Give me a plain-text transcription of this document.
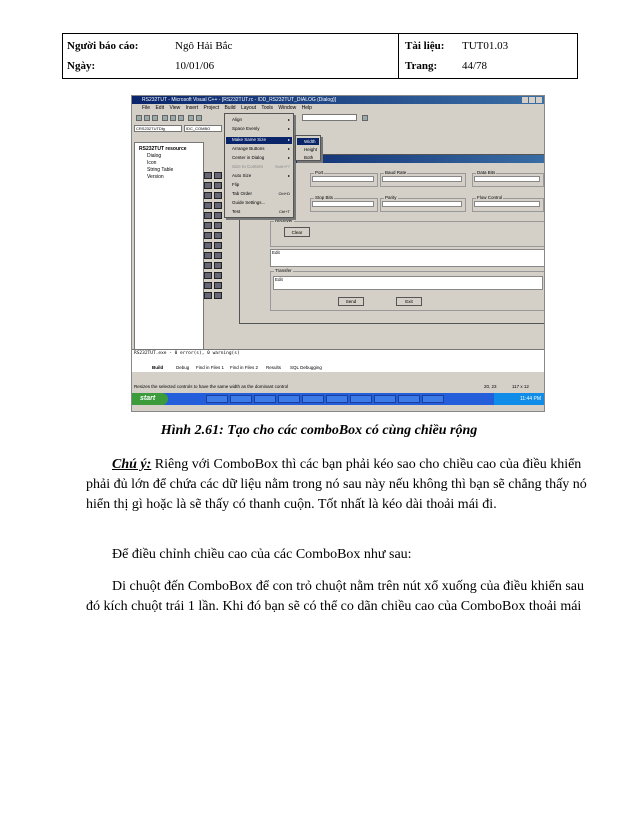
Người báo cáo:	Ngô Hải Bắc	Tài liệu: TUT01.03
Ngày:	10/01/06	Trang: 44/78
RS232TUT - Microsoft Visual C++ - [RS232TUT.rc - IDD_RS232TUT_DIALOG (Dialog)]
File Edit View Insert Project Build Layout Tools Window Help
CRS232TUTDlg	IDC_COMBO
RS232TUT resource
Dialog
Icon
String Table
Version
Port	Baud Rate	Data Bits
Stop Bits	Parity	Flow Control
Receiver
Clear
Edit
Transfer
Edit
Send	Exit
Align	▸
Space Evenly	▸
Make Same Size	▸
Arrange Buttons	▸
Center in Dialog	▸
Size to Content	Shift+F7
Auto Size	▸
Flip
Tab Order	Ctrl+D
Guide Settings...
Test	Ctrl+T
Width
Height
Both
RS232TUT.exe - 0 error(s), 0 warning(s)
Build	Debug Find in Files 1 Find in Files 2 Results SQL Debugging
Resizes the selected controls to have the same width as the dominant control	20, 23	117 x 12
start	11:44 PM
Hình 2.61: Tạo cho các comboBox có cùng chiều rộng
Chú ý: Riêng với ComboBox thì các bạn phải kéo sao cho chiều cao của điều khiển phải đủ lớn để chứa các dữ liệu nằm trong nó sau này nếu không thì bạn sẽ chẳng thấy nó hiển thị gì hoặc là sẽ thấy có thanh cuộn. Tốt nhất là kéo dài thoải mái đi.
Để điều chỉnh chiều cao của các ComboBox như sau:
Di chuột đến ComboBox để con trỏ chuột nằm trên nút xổ xuống của điều khiển sau đó kích chuột trái 1 lần. Khi đó bạn sẽ có thể co dãn chiều cao của ComboBox thoải mái
